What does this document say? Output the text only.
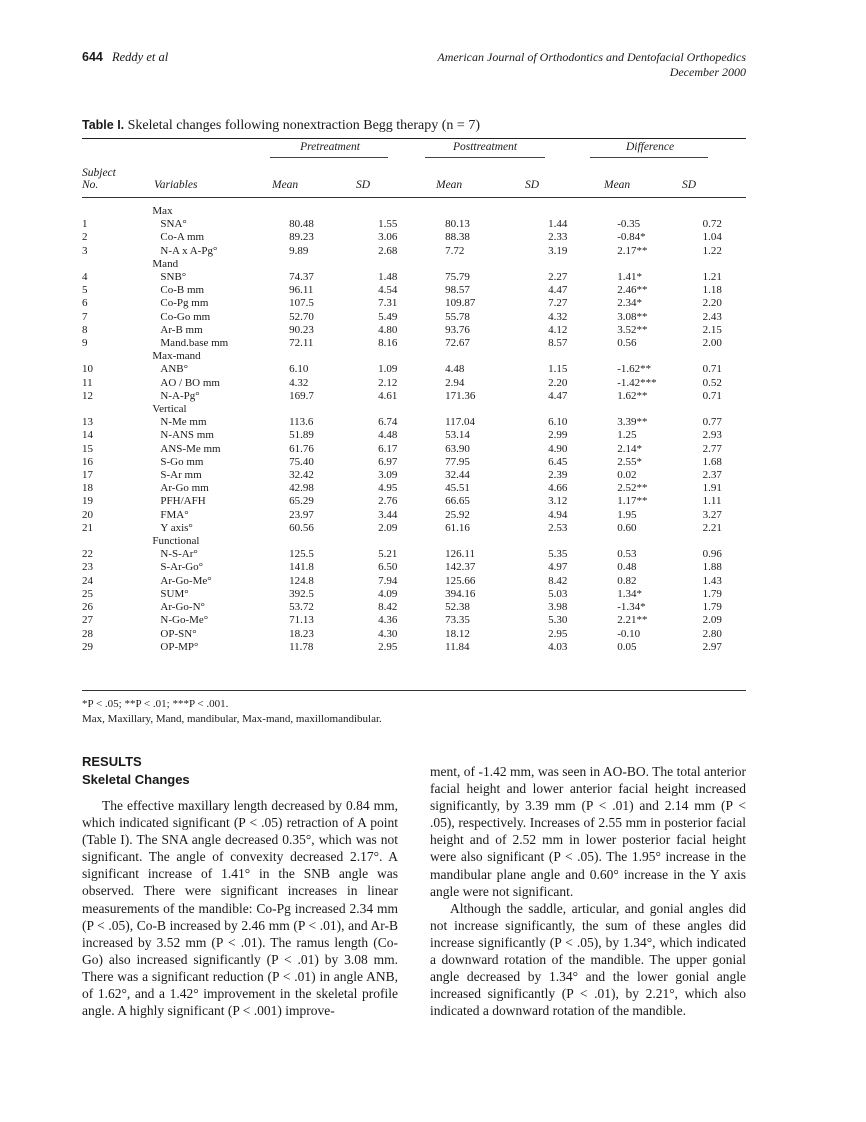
644 Reddy et al	American Journal of Orthodontics and Dentofacial Orthopedics
December 2000
Table I. Skeletal changes following nonextraction Begg therapy (n = 7)
Pretreatment	Posttreatment	Difference
Subject
No.	Variables	Mean	SD	Mean	SD	Mean	SD
	Max						
1	SNA°	80.48	1.55	80.13	1.44	-0.35	0.72
2	Co-A mm	89.23	3.06	88.38	2.33	-0.84*	1.04
3	N-A x A-Pg°	9.89	2.68	7.72	3.19	2.17**	1.22
	Mand						
4	SNB°	74.37	1.48	75.79	2.27	1.41*	1.21
5	Co-B mm	96.11	4.54	98.57	4.47	2.46**	1.18
6	Co-Pg mm	107.5	7.31	109.87	7.27	2.34*	2.20
7	Co-Go mm	52.70	5.49	55.78	4.32	3.08**	2.43
8	Ar-B mm	90.23	4.80	93.76	4.12	3.52**	2.15
9	Mand.base mm	72.11	8.16	72.67	8.57	0.56	2.00
	Max-mand						
10	ANB°	6.10	1.09	4.48	1.15	-1.62**	0.71
11	AO / BO mm	4.32	2.12	2.94	2.20	-1.42***	0.52
12	N-A-Pg°	169.7	4.61	171.36	4.47	1.62**	0.71
	Vertical						
13	N-Me mm	113.6	6.74	117.04	6.10	3.39**	0.77
14	N-ANS mm	51.89	4.48	53.14	2.99	1.25	2.93
15	ANS-Me mm	61.76	6.17	63.90	4.90	2.14*	2.77
16	S-Go mm	75.40	6.97	77.95	6.45	2.55*	1.68
17	S-Ar mm	32.42	3.09	32.44	2.39	0.02	2.37
18	Ar-Go mm	42.98	4.95	45.51	4.66	2.52**	1.91
19	PFH/AFH	65.29	2.76	66.65	3.12	1.17**	1.11
20	FMA°	23.97	3.44	25.92	4.94	1.95	3.27
21	Y axis°	60.56	2.09	61.16	2.53	0.60	2.21
	Functional						
22	N-S-Ar°	125.5	5.21	126.11	5.35	0.53	0.96
23	S-Ar-Go°	141.8	6.50	142.37	4.97	0.48	1.88
24	Ar-Go-Me°	124.8	7.94	125.66	8.42	0.82	1.43
25	SUM°	392.5	4.09	394.16	5.03	1.34*	1.79
26	Ar-Go-N°	53.72	8.42	52.38	3.98	-1.34*	1.79
27	N-Go-Me°	71.13	4.36	73.35	5.30	2.21**	2.09
28	OP-SN°	18.23	4.30	18.12	2.95	-0.10	2.80
29	OP-MP°	11.78	2.95	11.84	4.03	0.05	2.97
*P < .05; **P < .01; ***P < .001.
Max, Maxillary, Mand, mandibular, Max-mand, maxillomandibular.
RESULTS
Skeletal Changes

The effective maxillary length decreased by 0.84 mm, which indicated significant (P < .05) retraction of A point (Table I). The SNA angle decreased 0.35°, which was not significant. The angle of convexity decreased 2.17°. A significant increase of 1.41° in the SNB angle was observed. There were significant increases in linear measurements of the mandible: Co-Pg increased 2.34 mm (P < .05), Co-B increased by 2.46 mm (P < .01), and Ar-B increased by 3.52 mm (P < .01). The ramus length (Co-Go) also increased significantly (P < .01) by 3.08 mm. There was a significant reduction (P < .01) in angle ANB, of 1.62°, and a 1.42° improvement in the skeletal profile angle. A highly significant (P < .001) improve-

ment, of -1.42 mm, was seen in AO-BO. The total anterior facial height and lower anterior facial height increased significantly, by 3.39 mm (P < .01) and 2.14 mm (P < .05), respectively. Increases of 2.55 mm in posterior facial height and of 2.52 mm in lower posterior facial height were also significant (P < .05). The 1.95° increase in the mandibular plane angle and 0.60° increase in the Y axis angle were not significant.

Although the saddle, articular, and gonial angles did not increase significantly, the sum of these angles did increase significantly (P < .05), by 1.34°, which indicated a downward rotation of the mandible. The upper gonial angle decreased by 1.34° and the lower gonial angle increased significantly (P < .01), by 2.21°, which also indicated a downward rotation of the mandible.
